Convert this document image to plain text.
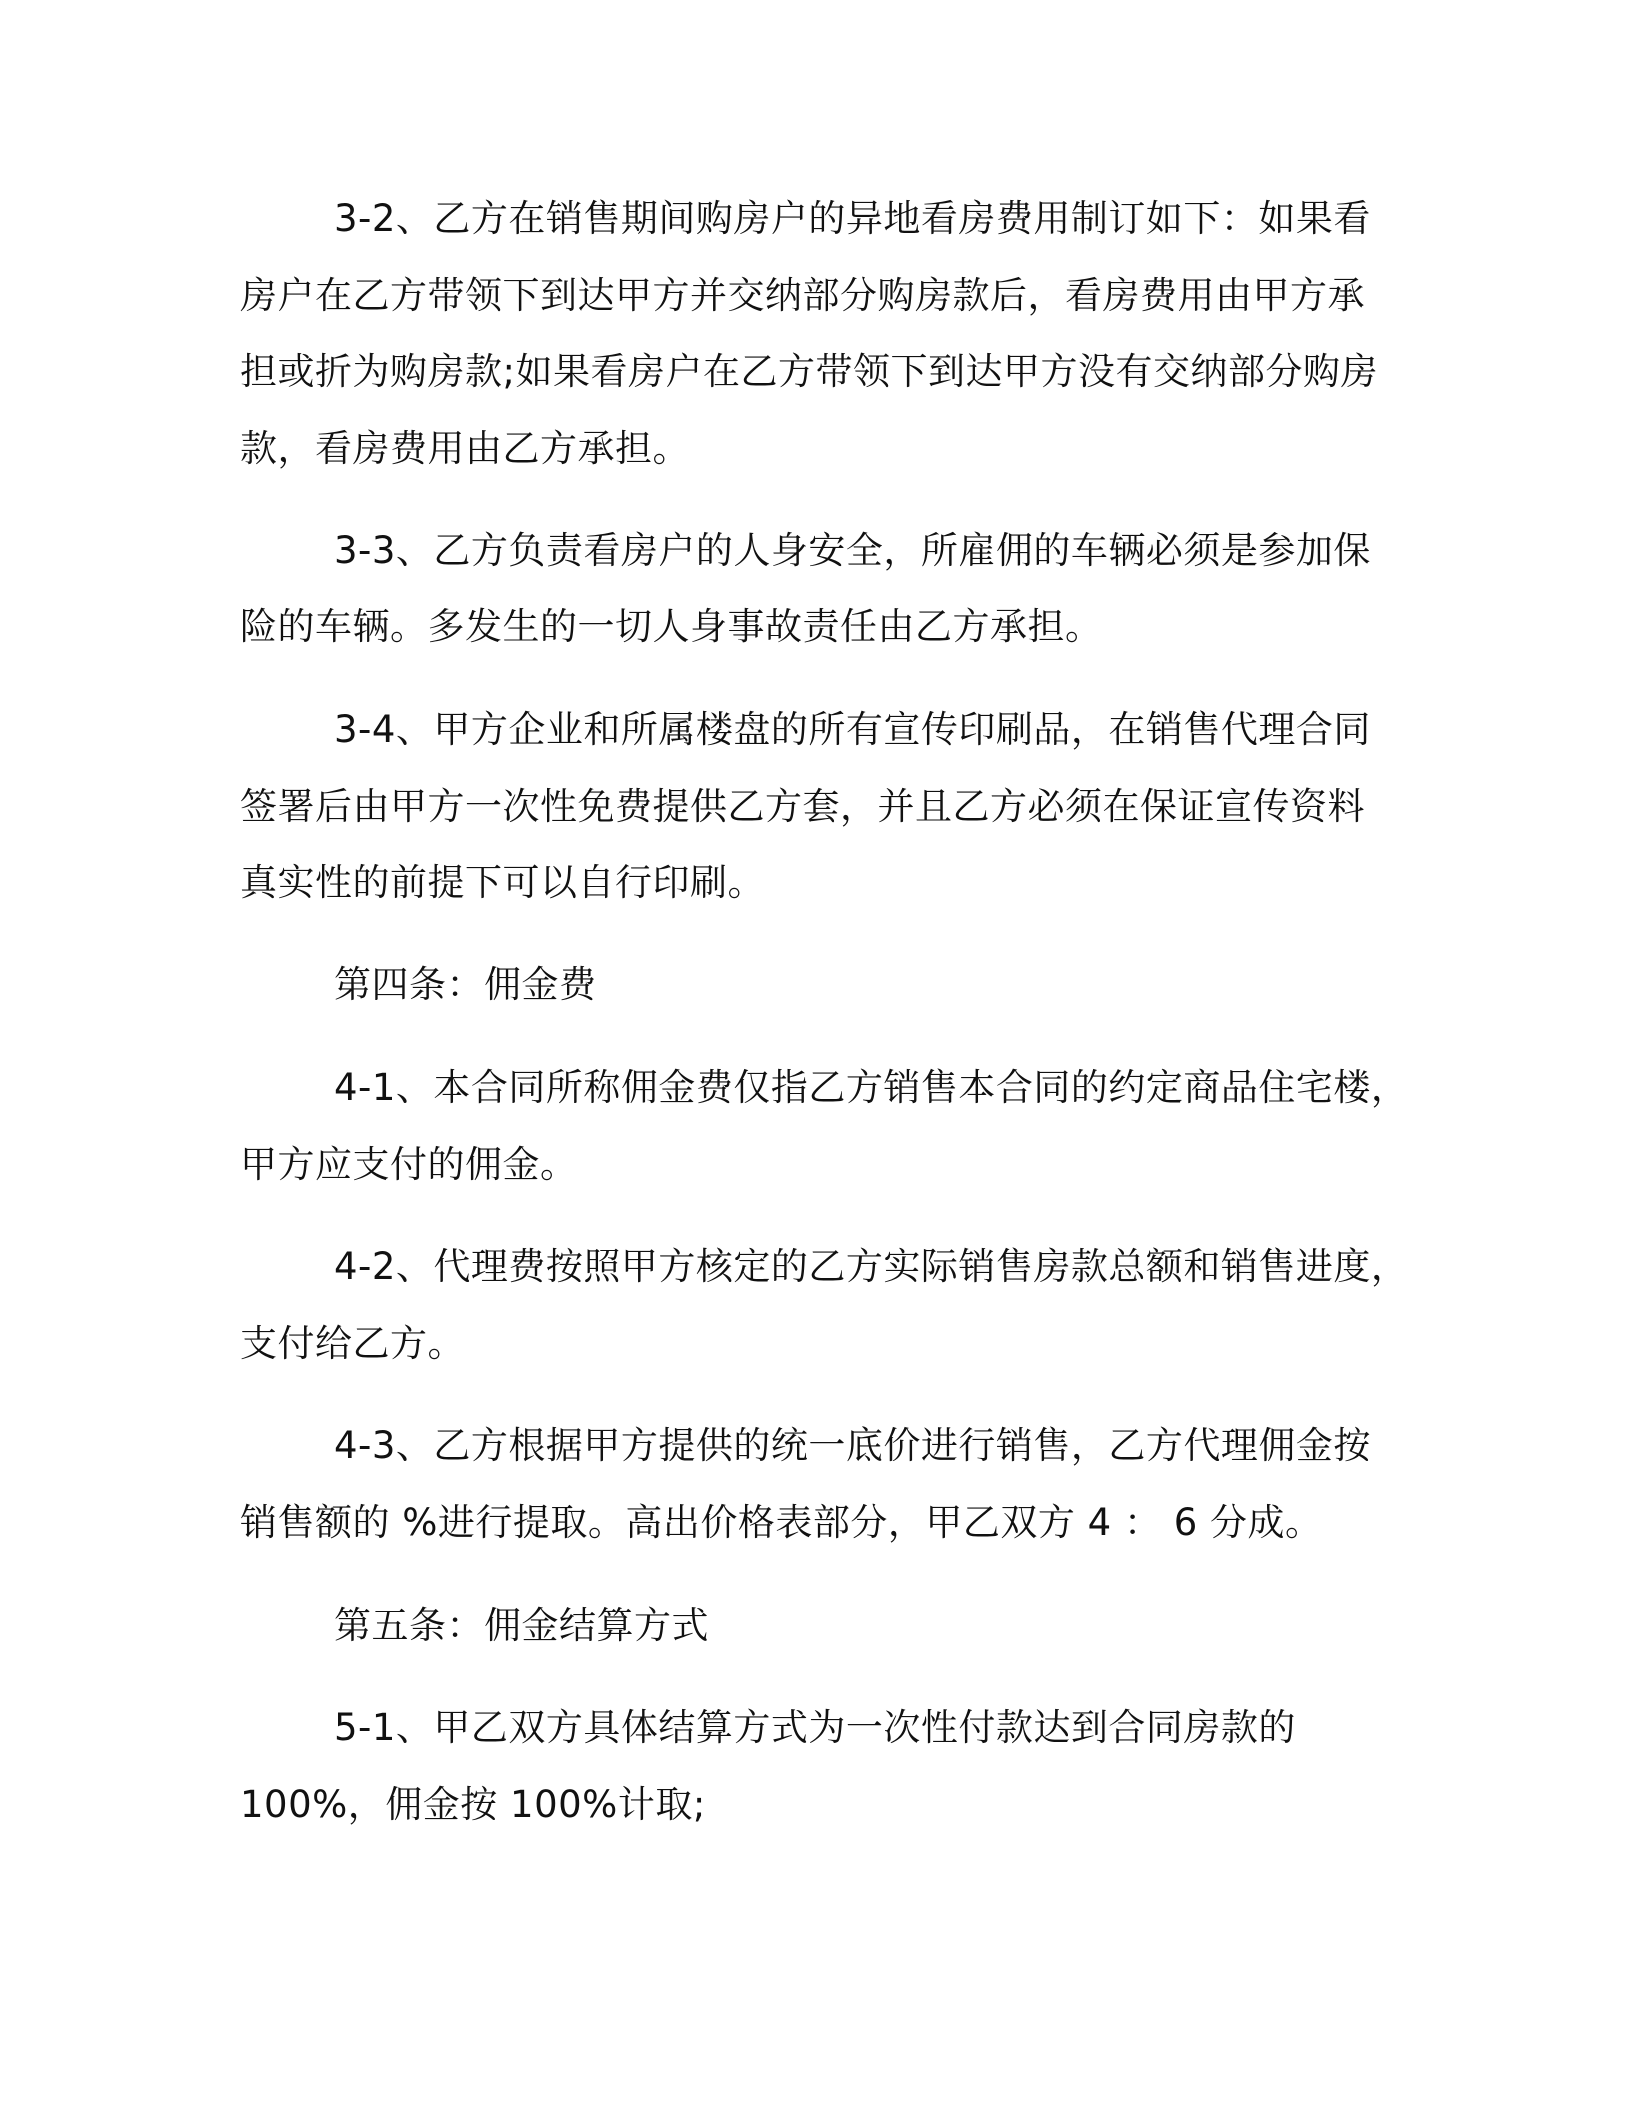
3-2、乙方在销售期间购房户的异地看房费用制订如下：如果看
房户在乙方带领下到达甲方并交纳部分购房款后，看房费用由甲方承
担或折为购房款;如果看房户在乙方带领下到达甲方没有交纳部分购房
款，看房费用由乙方承担。
3-3、乙方负责看房户的人身安全，所雇佣的车辆必须是参加保
险的车辆。多发生的一切人身事故责任由乙方承担。
3-4、甲方企业和所属楼盘的所有宣传印刷品，在销售代理合同
签署后由甲方一次性免费提供乙方套，并且乙方必须在保证宣传资料
真实性的前提下可以自行印刷。
第四条：佣金费
4-1、本合同所称佣金费仅指乙方销售本合同的约定商品住宅楼，
甲方应支付的佣金。
4-2、代理费按照甲方核定的乙方实际销售房款总额和销售进度，
支付给乙方。
4-3、乙方根据甲方提供的统一底价进行销售，乙方代理佣金按
销售额的 %进行提取。高出价格表部分，甲乙双方 4 ： 6 分成。
第五条：佣金结算方式
5-1、甲乙双方具体结算方式为一次性付款达到合同房款的
100%，佣金按 100%计取;
